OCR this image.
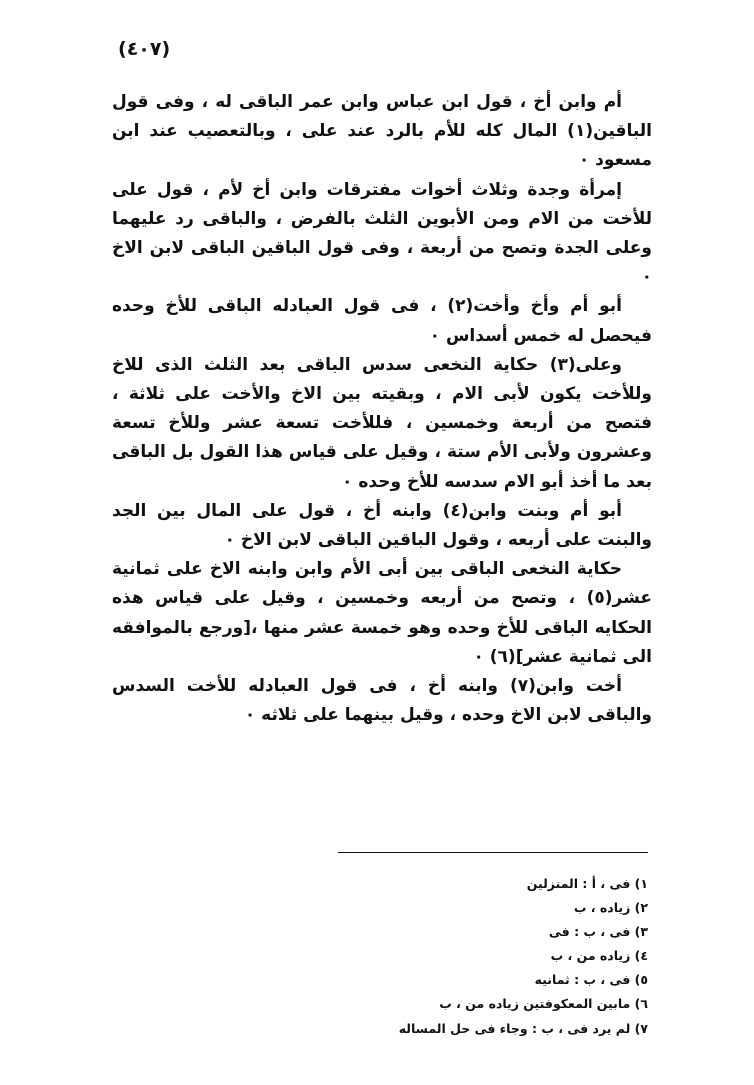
(٤٠٧)

أم وابن أخ ، قول ابن عباس وابن عمر الباقى له ، وفى قول الباقين(١) المال كله للأم بالرد عند على ، وبالتعصيب عند ابن مسعود ٠

إمرأة وجدة وثلاث أخوات مفترقات وابن أخ لأم ، قول على للأخت من الام ومن الأبوين الثلث بالفرض ، والباقى رد عليهما وعلى الجدة وتصح من أربعة ، وفى قول الباقين الباقى لابن الاخ ٠

أبو أم وأخ وأخت(٢) ، فى قول العبادله الباقى للأخ وحده فيحصل له خمس أسداس ٠

وعلى(٣) حكاية النخعى سدس الباقى بعد الثلث الذى للاخ وللأخت يكون لأبى الام ، وبقيته بين الاخ والأخت على ثلاثة ، فتصح من أربعة وخمسين ، فللأخت تسعة عشر وللأخ تسعة وعشرون ولأبى الأم ستة ، وقيل على قياس هذا القول بل الباقى بعد ما أخذ أبو الام سدسه للأخ وحده ٠

أبو أم وبنت وابن(٤) وابنه أخ ، قول على المال بين الجد والبنت على أربعه ، وقول الباقين الباقى لابن الاخ ٠

حكاية النخعى الباقى بين أبى الأم وابن وابنه الاخ على ثمانية عشر(٥) ، وتصح من أربعه وخمسين ، وقيل على قياس هذه الحكايه الباقى للأخ وحده وهو خمسة عشر منها ،[ورجع بالموافقه الى ثمانية عشر](٦) ٠

أخت وابن(٧) وابنه أخ ، فى قول العبادله للأخت السدس والباقى لابن الاخ وحده ، وقيل بينهما على ثلاثه ٠

١) فى ، أ : المنزلين

٢) زياده ، ب

٣) فى ، ب : فى

٤) زياده من ، ب

٥) فى ، ب : ثمانيه

٦) مابين المعكوفتين زياده من ، ب

٧) لم يرد فى ، ب : وجاء فى حل المساله
